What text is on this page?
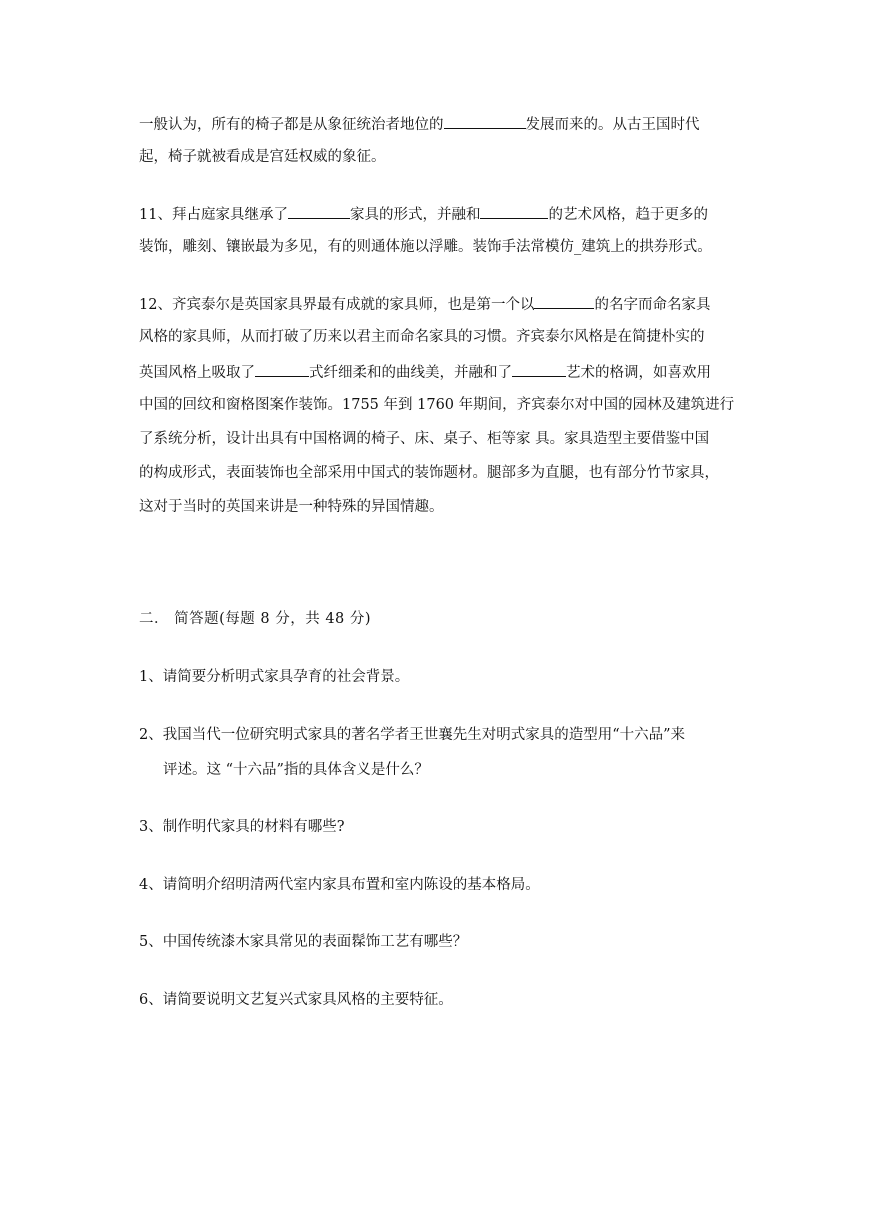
一般认为，所有的椅子都是从象征统治者地位的	发展而来的。从古王国时代
起，椅子就被看成是宫廷权威的象征。
11、拜占庭家具继承了	家具的形式，并融和	的艺术风格，趋于更多的
装饰，雕刻、镶嵌最为多见，有的则通体施以浮雕。装饰手法常模仿_建筑上的拱券形式。
12、齐宾泰尔是英国家具界最有成就的家具师，也是第一个以	的名字而命名家具
风格的家具师，从而打破了历来以君主而命名家具的习惯。齐宾泰尔风格是在简捷朴实的
英国风格上吸取了	式纤细柔和的曲线美，并融和了	艺术的格调，如喜欢用
中国的回纹和窗格图案作装饰。1755 年到 1760 年期间，齐宾泰尔对中国的园林及建筑进行
了系统分析，设计出具有中国格调的椅子、床、桌子、柜等家 具。家具造型主要借鉴中国
的构成形式，表面装饰也全部采用中国式的装饰题材。腿部多为直腿，也有部分竹节家具，
这对于当时的英国来讲是一种特殊的异国情趣。
二． 简答题(每题 8 分，共 48 分)
1、请简要分析明式家具孕育的社会背景。
2、我国当代一位研究明式家具的著名学者王世襄先生对明式家具的造型用“十六品”来
评述。这 “十六品”指的具体含义是什么？
3、制作明代家具的材料有哪些?
4、请简明介绍明清两代室内家具布置和室内陈设的基本格局。
5、中国传统漆木家具常见的表面髹饰工艺有哪些？
6、请简要说明文艺复兴式家具风格的主要特征。
